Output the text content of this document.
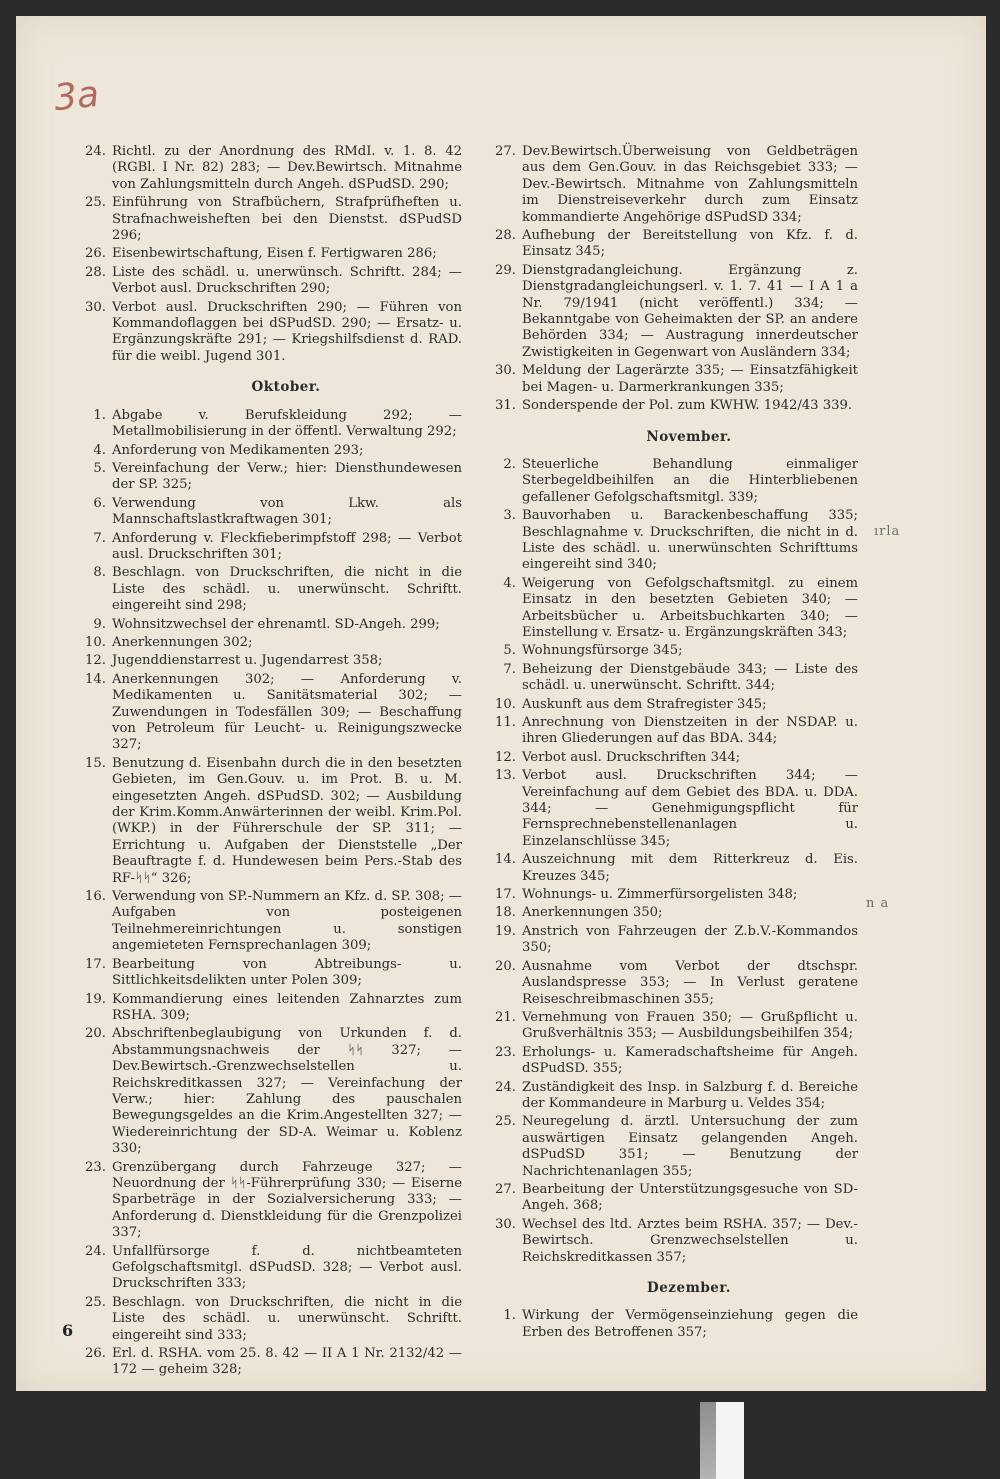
3a
24. Richtl. zu der Anordnung des RMdI. v. 1. 8. 42 (RGBl. I Nr. 82) 283; — Dev.Bewirtsch. Mitnahme von Zahlungsmitteln durch Angeh. dSPudSD. 290;
25. Einführung von Strafbüchern, Strafprüfheften u. Strafnachweisheften bei den Dienstst. dSPudSD 296;
26. Eisenbewirtschaftung, Eisen f. Fertigwaren 286;
28. Liste des schädl. u. unerwünsch. Schriftt. 284; — Verbot ausl. Druckschriften 290;
30. Verbot ausl. Druckschriften 290; — Führen von Kommandoflaggen bei dSPudSD. 290; — Ersatz- u. Ergänzungskräfte 291; — Kriegshilfsdienst d. RAD. für die weibl. Jugend 301.
Oktober.
1. Abgabe v. Berufskleidung 292; — Metallmobilisierung in der öffentl. Verwaltung 292;
4. Anforderung von Medikamenten 293;
5. Vereinfachung der Verw.; hier: Diensthundewesen der SP. 325;
6. Verwendung von Lkw. als Mannschaftslastkraftwagen 301;
7. Anforderung v. Fleckfieberimpfstoff 298; — Verbot ausl. Druckschriften 301;
8. Beschlagn. von Druckschriften, die nicht in die Liste des schädl. u. unerwünscht. Schriftt. eingereiht sind 298;
9. Wohnsitzwechsel der ehrenamtl. SD-Angeh. 299;
10. Anerkennungen 302;
12. Jugenddienstarrest u. Jugendarrest 358;
14. Anerkennungen 302; — Anforderung v. Medikamenten u. Sanitätsmaterial 302; — Zuwendungen in Todesfällen 309; — Beschaffung von Petroleum für Leucht- u. Reinigungszwecke 327;
15. Benutzung d. Eisenbahn durch die in den besetzten Gebieten, im Gen.Gouv. u. im Prot. B. u. M. eingesetzten Angeh. dSPudSD. 302; — Ausbildung der Krim.Komm.Anwärterinnen der weibl. Krim.Pol. (WKP.) in der Führerschule der SP. 311; — Errichtung u. Aufgaben der Dienststelle „Der Beauftragte f. d. Hundewesen beim Pers.-Stab des RF-ᛋᛋ“ 326;
16. Verwendung von SP.-Nummern an Kfz. d. SP. 308; — Aufgaben von posteigenen Teilnehmereinrichtungen u. sonstigen angemieteten Fernsprechanlagen 309;
17. Bearbeitung von Abtreibungs- u. Sittlichkeitsdelikten unter Polen 309;
19. Kommandierung eines leitenden Zahnarztes zum RSHA. 309;
20. Abschriftenbeglaubigung von Urkunden f. d. Abstammungsnachweis der ᛋᛋ 327; — Dev.Bewirtsch.-Grenzwechselstellen u. Reichskreditkassen 327; — Vereinfachung der Verw.; hier: Zahlung des pauschalen Bewegungsgeldes an die Krim.Angestellten 327; — Wiedereinrichtung der SD-A. Weimar u. Koblenz 330;
23. Grenzübergang durch Fahrzeuge 327; — Neuordnung der ᛋᛋ-Führerprüfung 330; — Eiserne Sparbeträge in der Sozialversicherung 333; — Anforderung d. Dienstkleidung für die Grenzpolizei 337;
24. Unfallfürsorge f. d. nichtbeamteten Gefolgschaftsmitgl. dSPudSD. 328; — Verbot ausl. Druckschriften 333;
25. Beschlagn. von Druckschriften, die nicht in die Liste des schädl. u. unerwünscht. Schriftt. eingereiht sind 333;
26. Erl. d. RSHA. vom 25. 8. 42 — II A 1 Nr. 2132/42 — 172 — geheim 328;
27. Dev.Bewirtsch.Überweisung von Geldbeträgen aus dem Gen.Gouv. in das Reichsgebiet 333; — Dev.-Bewirtsch. Mitnahme von Zahlungsmitteln im Dienstreiseverkehr durch zum Einsatz kommandierte Angehörige dSPudSD 334;
28. Aufhebung der Bereitstellung von Kfz. f. d. Einsatz 345;
29. Dienstgradangleichung. Ergänzung z. Dienstgradangleichungserl. v. 1. 7. 41 — I A 1 a Nr. 79/1941 (nicht veröffentl.) 334; — Bekanntgabe von Geheimakten der SP. an andere Behörden 334; — Austragung innerdeutscher Zwistigkeiten in Gegenwart von Ausländern 334;
30. Meldung der Lagerärzte 335; — Einsatzfähigkeit bei Magen- u. Darmerkrankungen 335;
31. Sonderspende der Pol. zum KWHW. 1942/43 339.
November.
2. Steuerliche Behandlung einmaliger Sterbegeldbeihilfen an die Hinterbliebenen gefallener Gefolgschaftsmitgl. 339;
3. Bauvorhaben u. Barackenbeschaffung 335; Beschlagnahme v. Druckschriften, die nicht in d. Liste des schädl. u. unerwünschten Schrifttums eingereiht sind 340;
4. Weigerung von Gefolgschaftsmitgl. zu einem Einsatz in den besetzten Gebieten 340; — Arbeitsbücher u. Arbeitsbuchkarten 340; — Einstellung v. Ersatz- u. Ergänzungskräften 343;
5. Wohnungsfürsorge 345;
7. Beheizung der Dienstgebäude 343; — Liste des schädl. u. unerwünscht. Schriftt. 344;
10. Auskunft aus dem Strafregister 345;
11. Anrechnung von Dienstzeiten in der NSDAP. u. ihren Gliederungen auf das BDA. 344;
12. Verbot ausl. Druckschriften 344;
13. Verbot ausl. Druckschriften 344; — Vereinfachung auf dem Gebiet des BDA. u. DDA. 344; — Genehmigungspflicht für Fernsprechnebenstellenanlagen u. Einzelanschlüsse 345;
14. Auszeichnung mit dem Ritterkreuz d. Eis. Kreuzes 345;
17. Wohnungs- u. Zimmerfürsorgelisten 348;
18. Anerkennungen 350;
19. Anstrich von Fahrzeugen der Z.b.V.-Kommandos 350;
20. Ausnahme vom Verbot der dtschspr. Auslandspresse 353; — In Verlust geratene Reiseschreibmaschinen 355;
21. Vernehmung von Frauen 350; — Grußpflicht u. Grußverhältnis 353; — Ausbildungsbeihilfen 354;
23. Erholungs- u. Kameradschaftsheime für Angeh. dSPudSD. 355;
24. Zuständigkeit des Insp. in Salzburg f. d. Bereiche der Kommandeure in Marburg u. Veldes 354;
25. Neuregelung d. ärztl. Untersuchung der zum auswärtigen Einsatz gelangenden Angeh. dSPudSD 351; — Benutzung der Nachrichtenanlagen 355;
27. Bearbeitung der Unterstützungsgesuche von SD-Angeh. 368;
30. Wechsel des ltd. Arztes beim RSHA. 357; — Dev.-Bewirtsch. Grenzwechselstellen u. Reichskreditkassen 357;
Dezember.
1. Wirkung der Vermögenseinziehung gegen die Erben des Betroffenen 357;
ırla
n a
6
